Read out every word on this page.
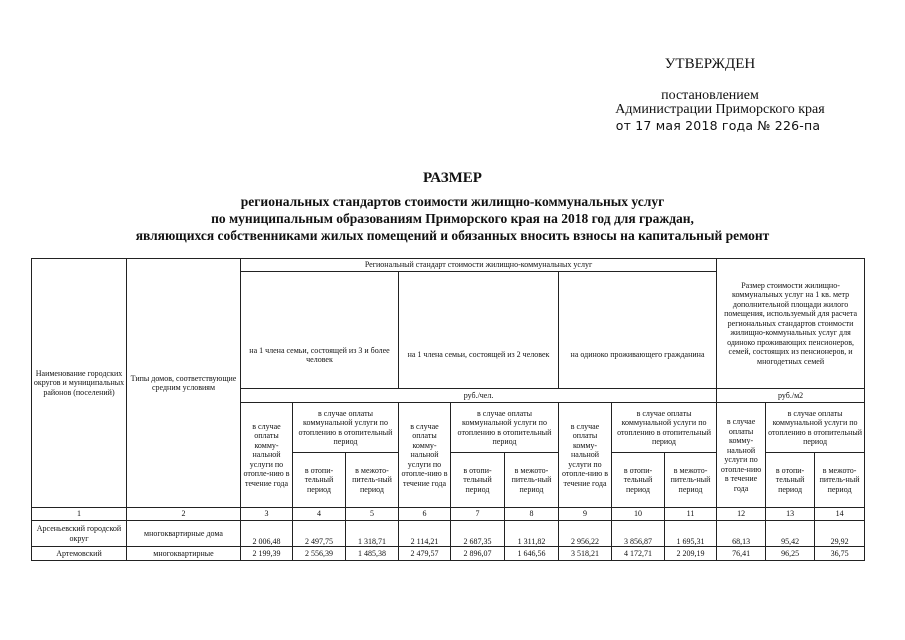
УТВЕРЖДЕН
постановлением
Администрации Приморского края
от 17 мая 2018 года № 226-па
РАЗМЕР
региональных стандартов стоимости жилищно-коммунальных услуг
по муниципальным образованиям Приморского края на 2018 год для граждан,
являющихся собственниками жилых помещений и обязанных вносить взносы на капитальный ремонт
Наименование городских округов и муниципальных районов (поселений)	Типы домов, соответствующие средним условиям	Региональный стандарт стоимости жилищно-коммунальных услуг									Размер стоимости жилищно-коммунальных услуг на 1 кв. метр дополнительной площади жилого помещения, используемый для расчета региональных стандартов стоимости жилищно-коммунальных услуг для одиноко проживающих пенсионеров, семей, состоящих из пенсионеров, и многодетных семей		
		на 1 члена семьи, состоящей из 3 и более человек			на 1 члена семьи, состоящей из 2 человек			на одиноко проживающего гражданина					
		руб./чел.									руб./м2		
		в случае оплаты комму-нальной услуги по отопле-нию в течение года	в случае оплаты коммунальной услуги по отоплению в отопительный период		в случае оплаты комму-нальной услуги по отопле-нию в течение года	в случае оплаты коммунальной услуги по отоплению в отопительный период		в случае оплаты комму-нальной услуги по отопле-нию в течение года	в случае оплаты коммунальной услуги по отоплению в отопительный период		в случае оплаты комму-нальной услуги по отопле-нию в течение года	в случае оплаты коммунальной услуги по отоплению в отопительный период	
			в отопи-тельный период	в межото-питель-ный период		в отопи-тельный период	в межото-питель-ный период		в отопи-тельный период	в межото-питель-ный период		в отопи-тельный период	в межото-питель-ный период
1	2	3	4	5	6	7	8	9	10	11	12	13	14
Арсеньевский городской округ	многоквартирные дома	2 006,48	2 497,75	1 318,71	2 114,21	2 687,35	1 311,82	2 956,22	3 856,87	1 695,31	68,13	95,42	29,92
Артемовский	многоквартирные	2 199,39	2 556,39	1 485,38	2 479,57	2 896,07	1 646,56	3 518,21	4 172,71	2 209,19	76,41	96,25	36,75
